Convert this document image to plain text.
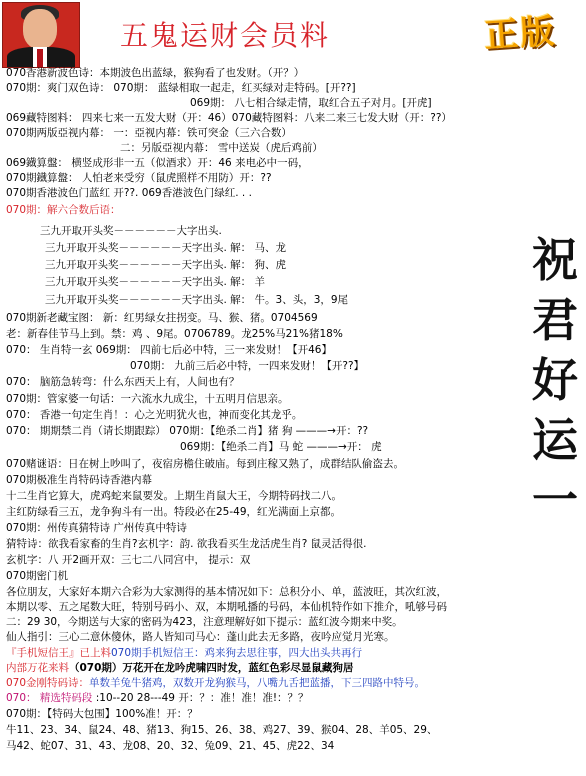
五鬼运财会员料	正版
祝
君
好
运
一
070香港新波色诗：本期波色出蓝绿，猴狗看了也发财。（开？）
070期：爽门双色诗： 070期： 蓝绿相取一起走，红买绿对走特码。[开??]
069期： 八七相合绿走情，取红合五子对月。[开虎]
069藏特图料： 四来七来一五发大财（开：46）070藏特图料：八来二来三七发大财（开：??）
070期两版亞视内幕： 一：亞视内幕：铁可突金（三六合数）
二：另版亞视内幕： 雪中送炭（虎后鸡前）
069鐡算盤： 横竖成形非一五（似酒求）开：46 来电必中一码，
070期鐡算盤： 人怕老来受穷（鼠虎照样不用防）开：??
070期香港波色门蓝红 开??. 069香港波色门绿红. . .
070期：解六合数后语：
三九开取开头奖－－－－－－大字出头.
三九开取开头奖－－－－－－天字出头. 解： 马、龙
三九开取开头奖－－－－－－天字出头. 解： 狗、虎
三九开取开头奖－－－－－－天字出头. 解： 羊
三九开取开头奖－－－－－－天字出头. 解： 牛。3、头，3，9尾
070期新老藏宝图： 新：红男绿女拄拐变。马、猴、猪。0704569
老：新春佳节马上到。禁：鸡 、9尾。0706789。龙25%马21%猪18%
070： 生肖特一玄 069期： 四前七后必中特，三一来发财！【开46】
070期： 九前三后必中特，一四来发财！【开??】
070： 脑筋急转弯：什么东西天上有，人间也有？
070期：管家婆一句话：一六流水九成尘，十五明月信思亲。
070： 香港一句定生肖！：心之光明犹火也，神而变化其龙乎。
070： 期期禁二肖（请长期跟踪） 070期：【绝杀二肖】猪 狗 ———→开：??
069期：【绝杀二肖】马 蛇 ———→开： 虎
070赌谜语：日在树上吵叫了，夜宿房檐住破庙。每到庄稼又熟了，成群结队偷盗去。
070期极准生肖特码诗香港内幕
十二生肖它算大，虎鸡蛇来鼠要发。上期生肖鼠大王，今期特码找二八。
主红防绿看三五，龙争狗斗有一出。特段必在25-49，红光满面上京都。
070期：州传真猜特诗 广州传真中特诗
猜特诗：欲我看家畜的生肖?玄机字：韵. 欲我看买生龙活虎生肖? 鼠灵活得很.
玄机字：八 开2画开双：三七二八同宫中， 提示：双
070期密门机
各位朋友，大家好本期六合彩为大家测得的基本情况如下：总积分小、单，蓝波旺，其次红波，
本期以零、五之尾数大旺，特别号码小、双，本期吼播的号码，本仙机特作如下推介，吼够号码
二：29 30，今期送与大家的密码为423，注意理解好如下提示：蓝红波今期来中奖。
仙人指引：三心二意休傻休，路人皆知司马心：蓬山此去无多路，夜吟应觉月光寒。
『手机短信王』已上料070期手机短信王：鸡来狗去思往事，四大出头共再行
内部万花来料（070期）万花开在龙吟虎啸四时发，蓝红色彩尽显鼠藏狗居
070金刚特码诗：单数羊兔牛猪鸡，双数开龙狗猴马，八嘴九舌把蓝播，下三四路中特号。
070： 精选特码段 :10--20 28---49 开：？：准！准！准!：？？
070期：【特码大包围】100%准！开：？
牛11、23、34、鼠24、48、猪13、狗15、26、38、鸡27、39、猴04、28、羊05、29、
马42、蛇07、31、43、龙08、20、32、兔09、21、45、虎22、34
